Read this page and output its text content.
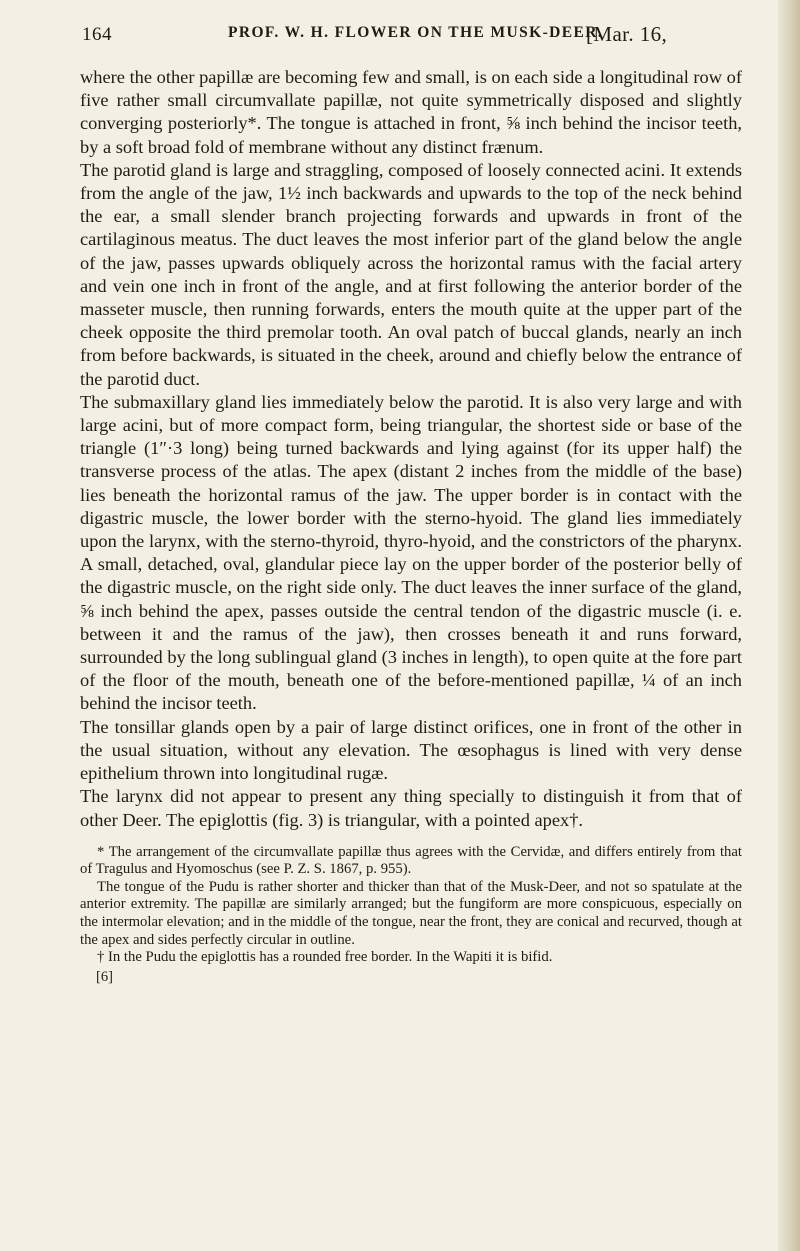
164	PROF. W. H. FLOWER ON THE MUSK-DEER.
[Mar. 16,

where the other papillæ are becoming few and small, is on each side a longitudinal row of five rather small circumvallate papillæ, not quite symmetrically disposed and slightly converging posteriorly*. The tongue is attached in front, ⅝ inch behind the incisor teeth, by a soft broad fold of membrane without any distinct frænum.

The parotid gland is large and straggling, composed of loosely connected acini. It extends from the angle of the jaw, 1½ inch backwards and upwards to the top of the neck behind the ear, a small slender branch projecting forwards and upwards in front of the cartilaginous meatus. The duct leaves the most inferior part of the gland below the angle of the jaw, passes upwards obliquely across the horizontal ramus with the facial artery and vein one inch in front of the angle, and at first following the anterior border of the masseter muscle, then running forwards, enters the mouth quite at the upper part of the cheek opposite the third premolar tooth. An oval patch of buccal glands, nearly an inch from before backwards, is situated in the cheek, around and chiefly below the entrance of the parotid duct.

The submaxillary gland lies immediately below the parotid. It is also very large and with large acini, but of more compact form, being triangular, the shortest side or base of the triangle (1″·3 long) being turned backwards and lying against (for its upper half) the transverse process of the atlas. The apex (distant 2 inches from the middle of the base) lies beneath the horizontal ramus of the jaw. The upper border is in contact with the digastric muscle, the lower border with the sterno-hyoid. The gland lies immediately upon the larynx, with the sterno-thyroid, thyro-hyoid, and the constrictors of the pharynx. A small, detached, oval, glandular piece lay on the upper border of the posterior belly of the digastric muscle, on the right side only. The duct leaves the inner surface of the gland, ⅝ inch behind the apex, passes outside the central tendon of the digastric muscle (i. e. between it and the ramus of the jaw), then crosses beneath it and runs forward, surrounded by the long sublingual gland (3 inches in length), to open quite at the fore part of the floor of the mouth, beneath one of the before-mentioned papillæ, ¼ of an inch behind the incisor teeth.

The tonsillar glands open by a pair of large distinct orifices, one in front of the other in the usual situation, without any elevation. The œsophagus is lined with very dense epithelium thrown into longitudinal rugæ.

The larynx did not appear to present any thing specially to distinguish it from that of other Deer. The epiglottis (fig. 3) is triangular, with a pointed apex†.

* The arrangement of the circumvallate papillæ thus agrees with the Cervidæ, and differs entirely from that of Tragulus and Hyomoschus (see P. Z. S. 1867, p. 955).

The tongue of the Pudu is rather shorter and thicker than that of the Musk-Deer, and not so spatulate at the anterior extremity. The papillæ are similarly arranged; but the fungiform are more conspicuous, especially on the intermolar elevation; and in the middle of the tongue, near the front, they are conical and recurved, though at the apex and sides perfectly circular in outline.

† In the Pudu the epiglottis has a rounded free border. In the Wapiti it is bifid.

[6]
